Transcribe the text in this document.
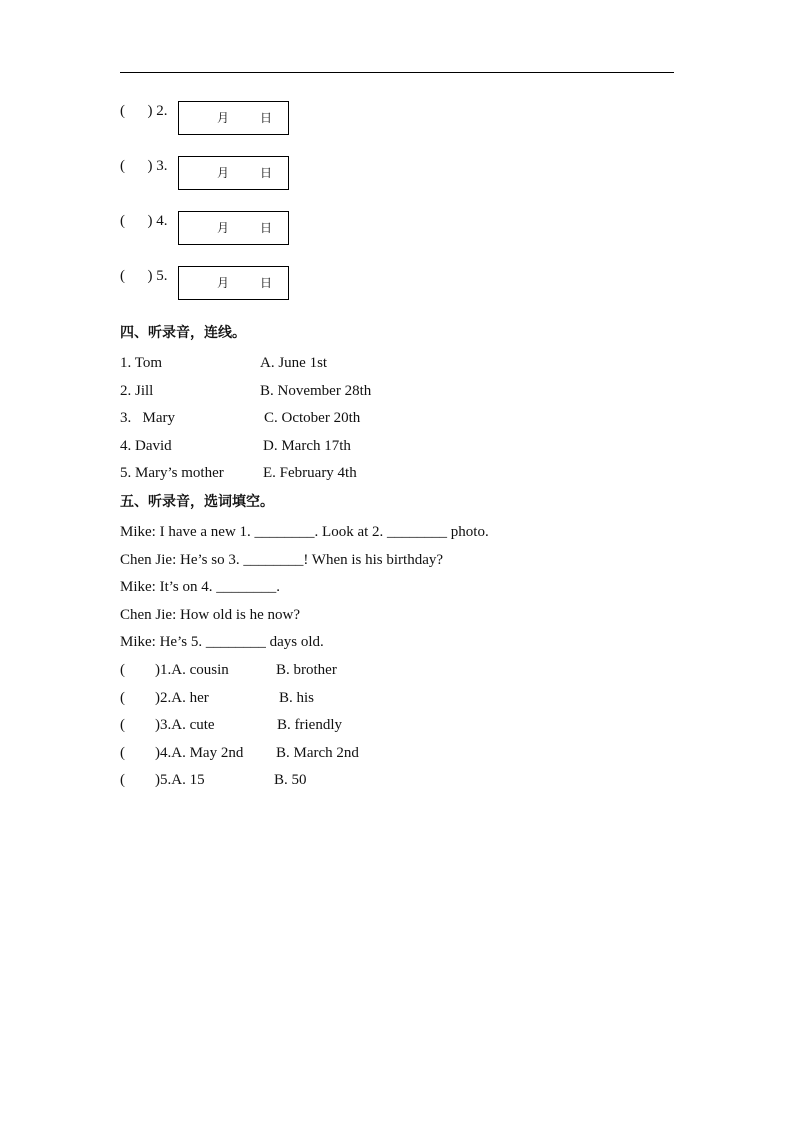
(      ) 2.	月	日
(      ) 3.	月	日
(      ) 4.	月	日
(      ) 5.	月	日
四、听录音，连线。
1. Tom	A. June 1st
2. Jill	B. November 28th
3.   Mary	C. October 20th
4. David	D. March 17th
5. Mary’s mother	E. February 4th
五、听录音，选词填空。
Mike: I have a new 1. ________. Look at 2. ________ photo.
Chen Jie: He’s so 3. ________! When is his birthday?
Mike: It’s on 4. ________.
Chen Jie: How old is he now?
Mike: He’s 5. ________ days old.
(        )1.A. cousin	B. brother
(        )2.A. her	B. his
(        )3.A. cute	B. friendly
(        )4.A. May 2nd B. March 2nd
(        )5.A. 15	B. 50
